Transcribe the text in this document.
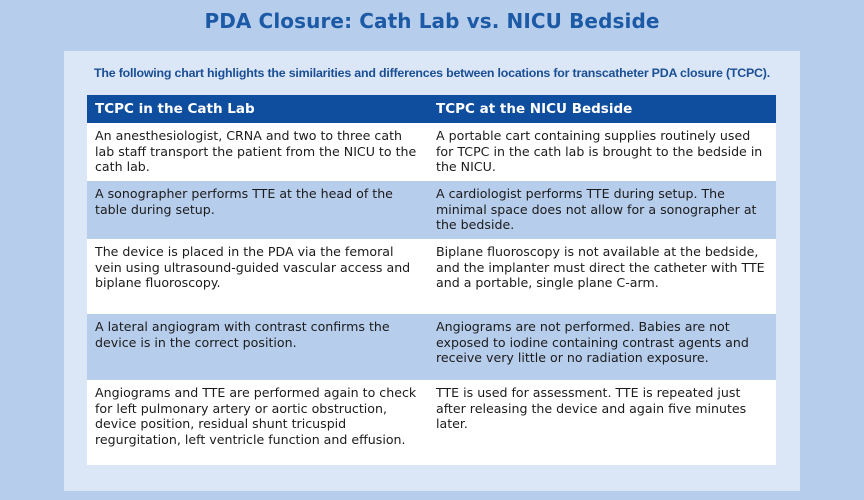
PDA Closure: Cath Lab vs. NICU Bedside
The following chart highlights the similarities and differences between locations for transcatheter PDA closure (TCPC).
TCPC in the Cath Lab	TCPC at the NICU Bedside
An anesthesiologist, CRNA and two to three cath lab staff transport the patient from the NICU to the cath lab.
A portable cart containing supplies routinely used for TCPC in the cath lab is brought to the bedside in the NICU.
A sonographer performs TTE at the head of the table during setup.
A cardiologist performs TTE during setup. The minimal space does not allow for a sonographer at the bedside.
The device is placed in the PDA via the femoral vein using ultrasound-guided vascular access and biplane fluoroscopy.
Biplane fluoroscopy is not available at the bedside, and the implanter must direct the catheter with TTE and a portable, single plane C-arm.
A lateral angiogram with contrast confirms the device is in the correct position.
Angiograms are not performed. Babies are not exposed to iodine containing contrast agents and receive very little or no radiation exposure.
Angiograms and TTE are performed again to check for left pulmonary artery or aortic obstruction, device position, residual shunt tricuspid regurgitation, left ventricle function and effusion.
TTE is used for assessment. TTE is repeated just after releasing the device and again five minutes later.
